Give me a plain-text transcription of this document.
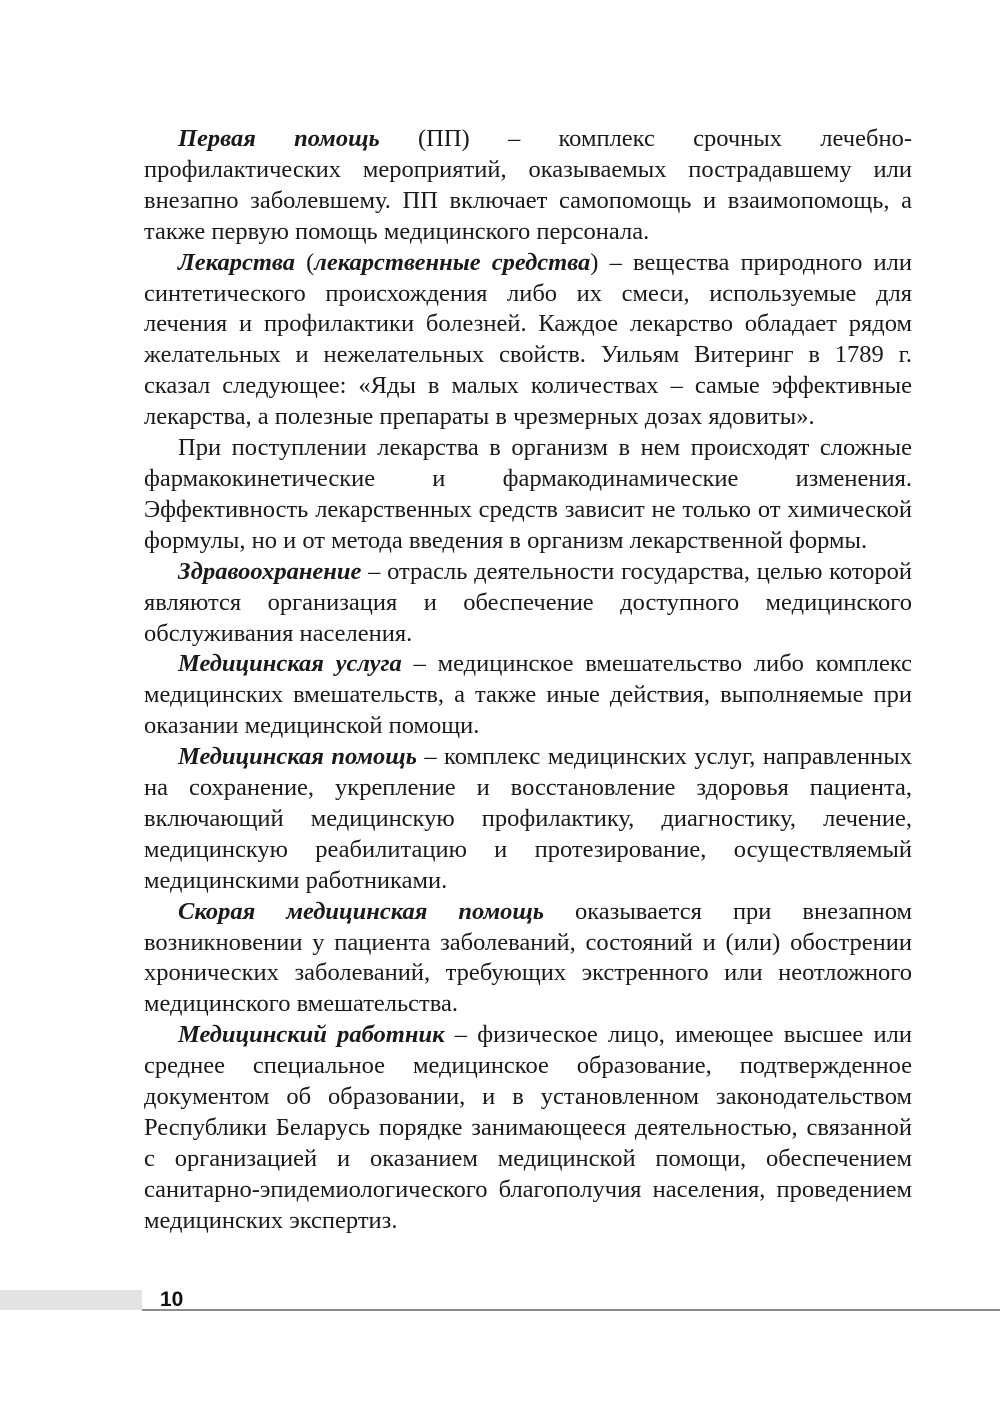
Первая помощь (ПП) – комплекс срочных лечебно-профилактических мероприятий, оказываемых пострадавшему или внезапно заболевшему. ПП включает самопомощь и взаимопомощь, а также первую помощь медицинского персонала.

Лекарства (лекарственные средства) – вещества природного или синтетического происхождения либо их смеси, используемые для лечения и профилактики болезней. Каждое лекарство обладает рядом желательных и нежелательных свойств. Уильям Витеринг в 1789 г. сказал следующее: «Яды в малых количествах – самые эффективные лекарства, а полезные препараты в чрезмерных дозах ядовиты».

При поступлении лекарства в организм в нем происходят сложные фармакокинетические и фармакодинамические изменения. Эффективность лекарственных средств зависит не только от химической формулы, но и от метода введения в организм лекарственной формы.

Здравоохранение – отрасль деятельности государства, целью которой являются организация и обеспечение доступного медицинского обслуживания населения.

Медицинская услуга – медицинское вмешательство либо комплекс медицинских вмешательств, а также иные действия, выполняемые при оказании медицинской помощи.

Медицинская помощь – комплекс медицинских услуг, направленных на сохранение, укрепление и восстановление здоровья пациента, включающий медицинскую профилактику, диагностику, лечение, медицинскую реабилитацию и протезирование, осуществляемый медицинскими работниками.

Скорая медицинская помощь оказывается при внезапном возникновении у пациента заболеваний, состояний и (или) обострении хронических заболеваний, требующих экстренного или неотложного медицинского вмешательства.

Медицинский работник – физическое лицо, имеющее высшее или среднее специальное медицинское образование, подтвержденное документом об образовании, и в установленном законодательством Республики Беларусь порядке занимающееся деятельностью, связанной с организацией и оказанием медицинской помощи, обеспечением санитарно-эпидемиологического благополучия населения, проведением медицинских экспертиз.

10
